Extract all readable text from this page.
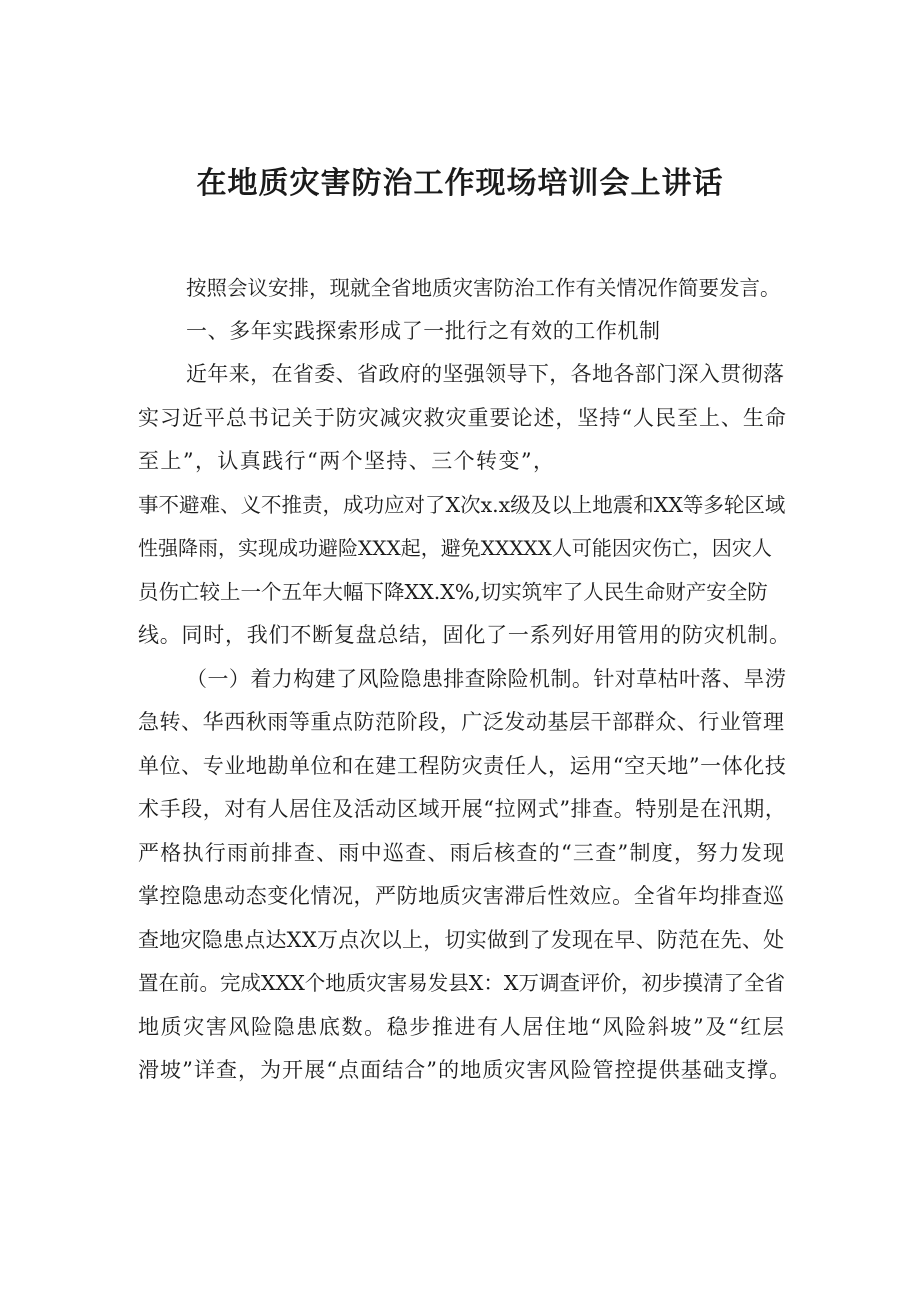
在地质灾害防治工作现场培训会上讲话
按照会议安排，现就全省地质灾害防治工作有关情况作简要发言。
一、多年实践探索形成了一批行之有效的工作机制
近年来，在省委、省政府的坚强领导下，各地各部门深入贯彻落
实习近平总书记关于防灾减灾救灾重要论述，坚持“人民至上、生命
至上”，认真践行“两个坚持、三个转变”，
事不避难、义不推责，成功应对了X次x.x级及以上地震和XX等多轮区域
性强降雨，实现成功避险XXX起，避免XXXXX人可能因灾伤亡，因灾人
员伤亡较上一个五年大幅下降XX.X%,切实筑牢了人民生命财产安全防
线。同时，我们不断复盘总结，固化了一系列好用管用的防灾机制。
（一）着力构建了风险隐患排查除险机制。针对草枯叶落、旱涝
急转、华西秋雨等重点防范阶段，广泛发动基层干部群众、行业管理
单位、专业地勘单位和在建工程防灾责任人，运用“空天地”一体化技
术手段，对有人居住及活动区域开展“拉网式”排查。特别是在汛期，
严格执行雨前排查、雨中巡查、雨后核查的“三查”制度，努力发现
掌控隐患动态变化情况，严防地质灾害滞后性效应。全省年均排查巡
查地灾隐患点达XX万点次以上，切实做到了发现在早、防范在先、处
置在前。完成XXX个地质灾害易发县X：X万调查评价，初步摸清了全省
地质灾害风险隐患底数。稳步推进有人居住地“风险斜坡”及“红层
滑坡”详查，为开展“点面结合”的地质灾害风险管控提供基础支撑。
